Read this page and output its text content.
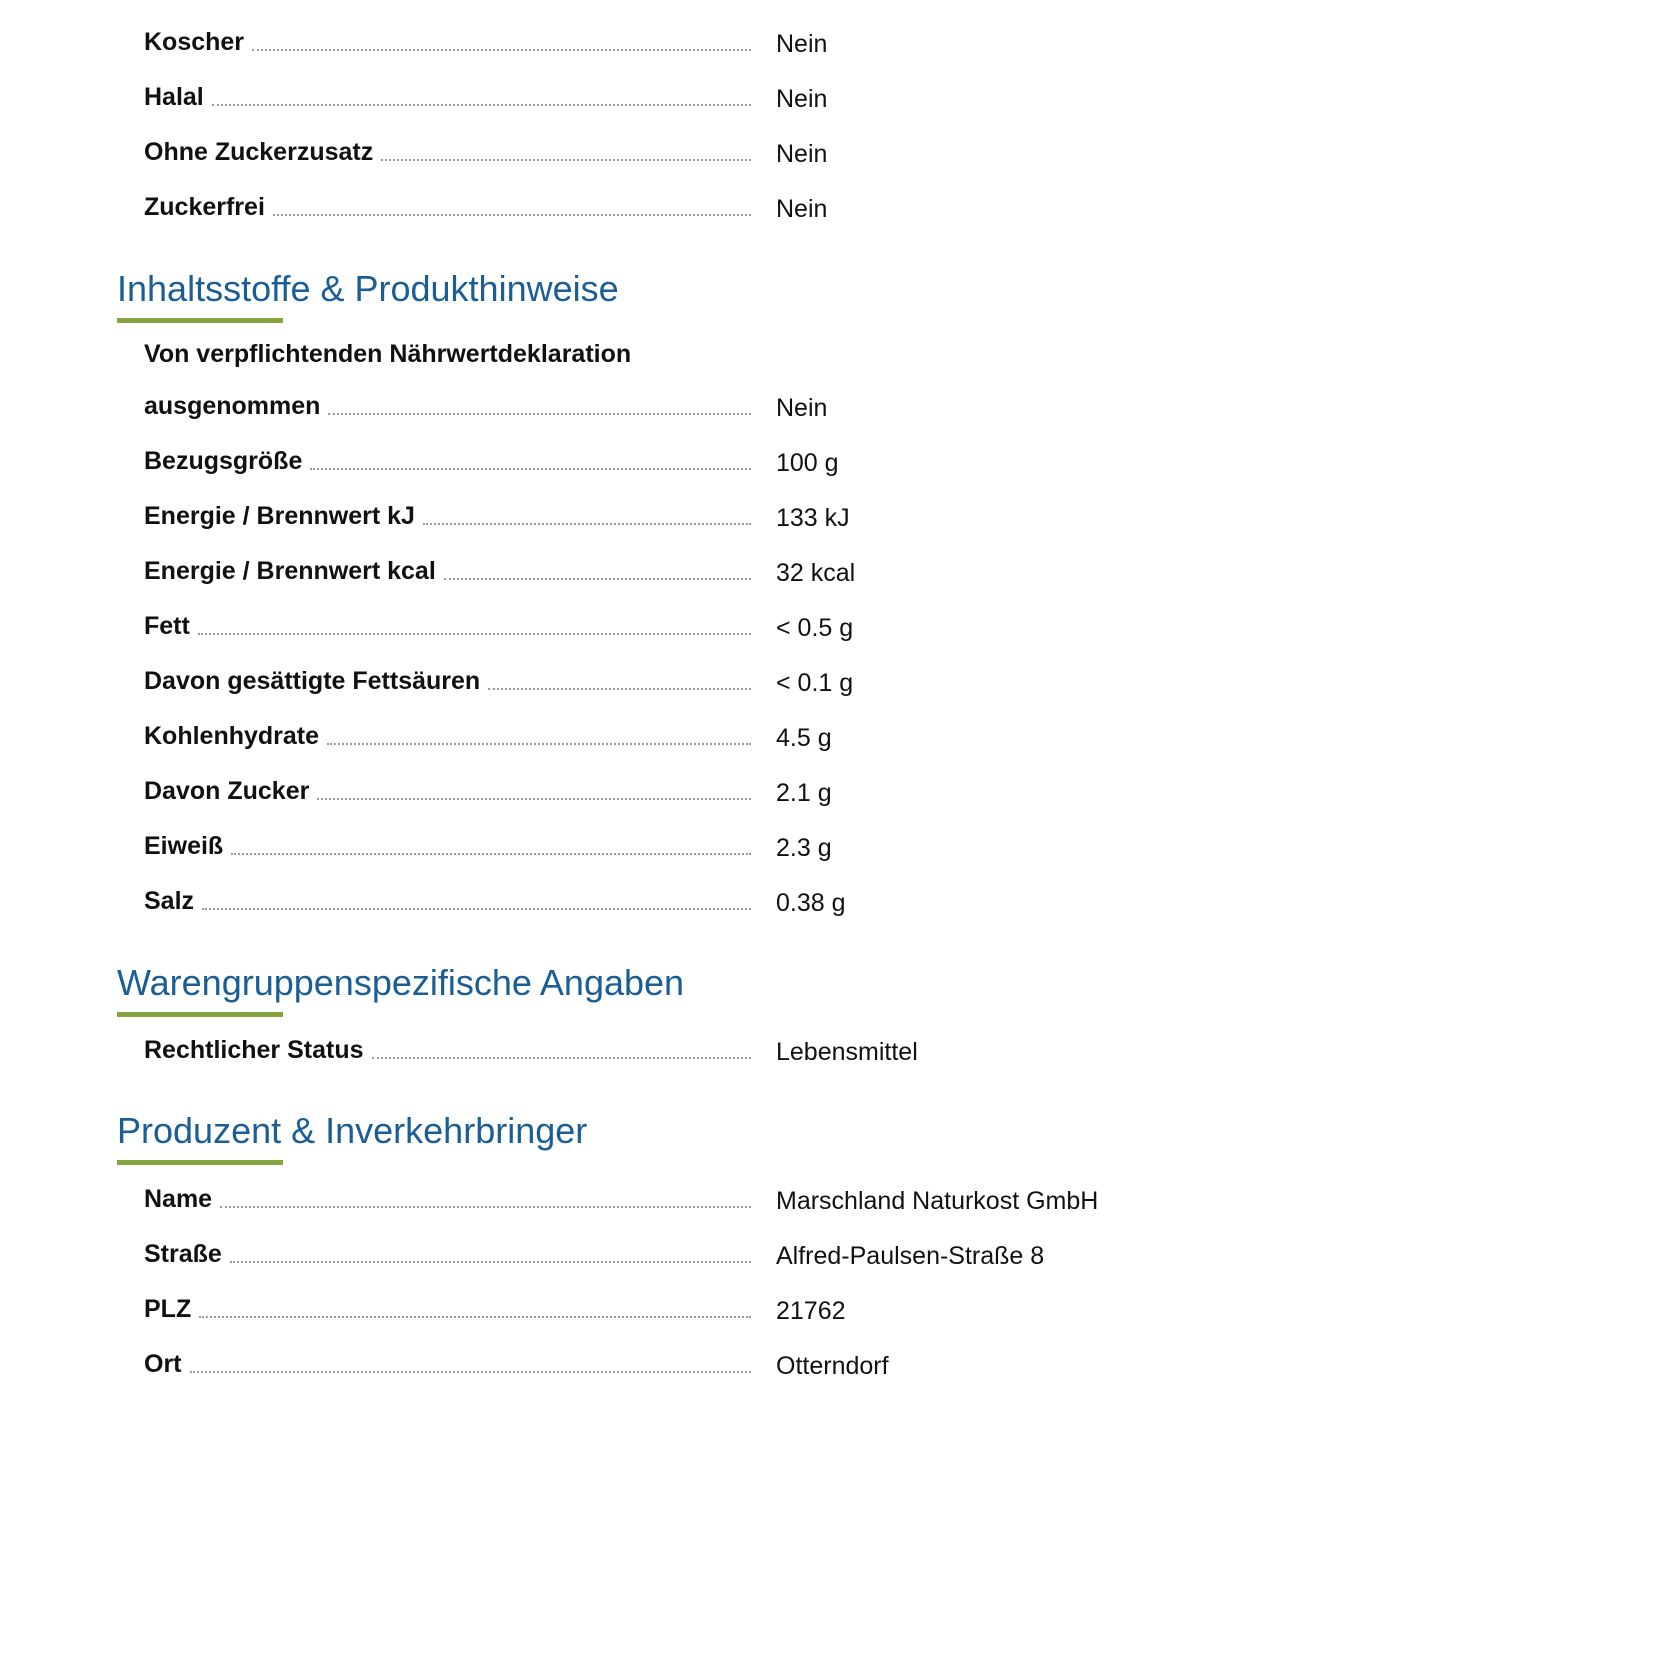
Koscher	Nein
Halal	Nein
Ohne Zuckerzusatz	Nein
Zuckerfrei	Nein
Inhaltsstoffe & Produkthinweise
Von verpflichtenden Nährwertdeklaration
ausgenommen	Nein
Bezugsgröße	100 g
Energie / Brennwert kJ	133 kJ
Energie / Brennwert kcal	32 kcal
Fett	< 0.5 g
Davon gesättigte Fettsäuren	< 0.1 g
Kohlenhydrate	4.5 g
Davon Zucker	2.1 g
Eiweiß	2.3 g
Salz	0.38 g
Warengruppenspezifische Angaben
Rechtlicher Status	Lebensmittel
Produzent & Inverkehrbringer
Name	Marschland Naturkost GmbH
Straße	Alfred-Paulsen-Straße 8
PLZ	21762
Ort	Otterndorf
